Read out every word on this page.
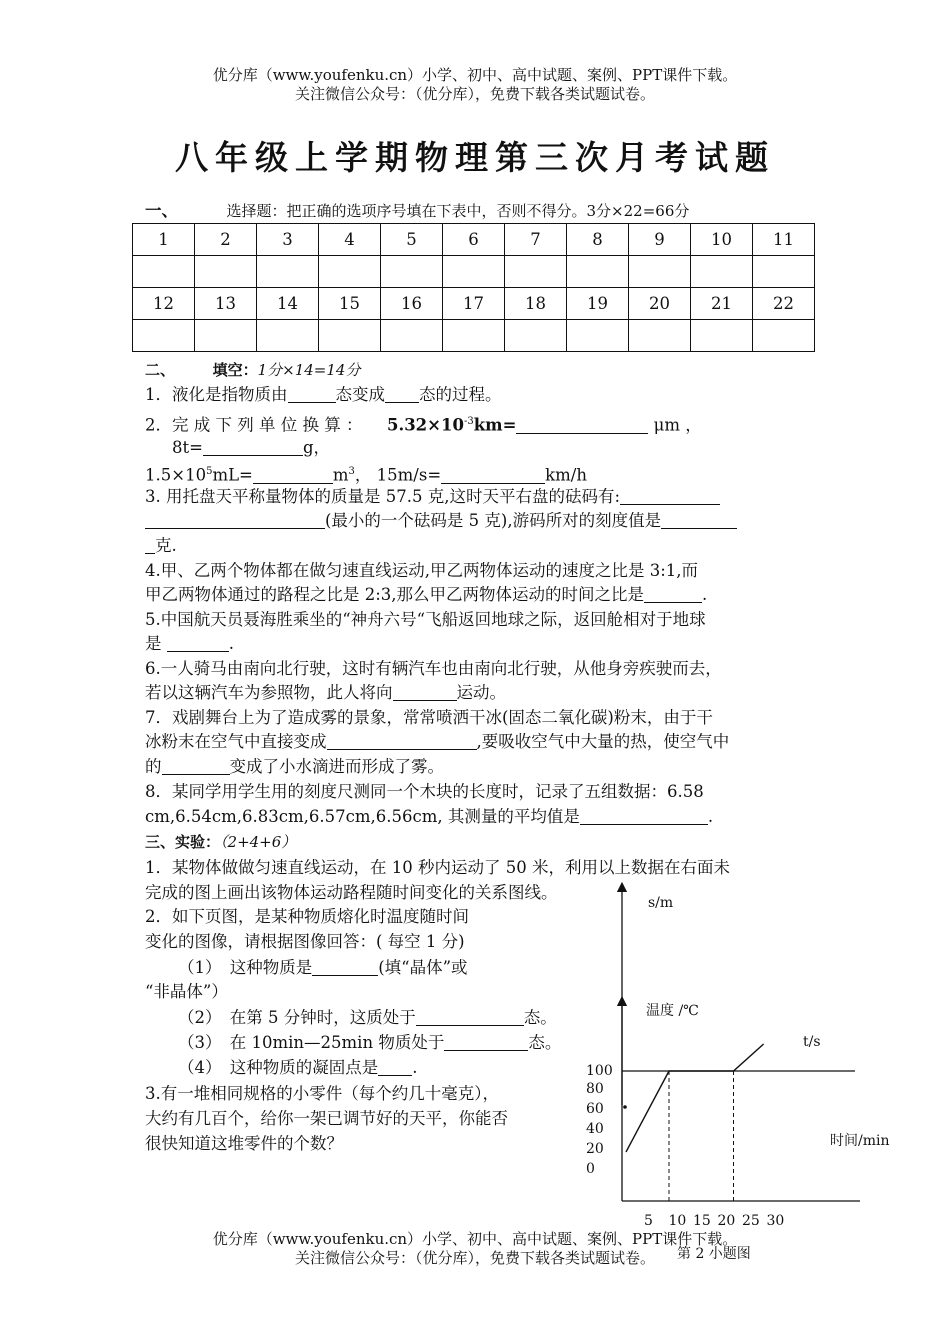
优分库（www.youfenku.cn）小学、初中、高中试题、案例、PPT课件下载。
关注微信公众号：（优分库），免费下载各类试题试卷。
八年级上学期物理第三次月考试题
一、	选择题：把正确的选项序号填在下表中，否则不得分。3分×22=66分
1	2	3	4	5	6	7	8	9	10	11

12	13	14	15	16	17	18	19	20	21	22

二、	填空：1分×14=14分
1．液化是指物质由	态变成 态的过程。
2．完 成 下 列 单 位 换 算 ： $5.32\times 10^{-3}km=$	μm ，
8t=	g，
$1.5\times 10^5mL=$	$m^3$， 15m/s=	km/h
3. 用托盘天平称量物体的质量是 57.5 克,这时天平右盘的砝码有:
(最小的一个砝码是 5 克),游码所对的刻度值是
克.
4.甲、乙两个物体都在做匀速直线运动,甲乙两物体运动的速度之比是 3:1,而
甲乙两物体通过的路程之比是 2:3,那么甲乙两物体运动的时间之比是	.
5.中国航天员聂海胜乘坐的“神舟六号“飞船返回地球之际，返回舱相对于地球
是	.
6.一人骑马由南向北行驶，这时有辆汽车也由南向北行驶，从他身旁疾驶而去，
若以这辆汽车为参照物，此人将向	运动。
7．戏剧舞台上为了造成雾的景象，常常喷洒干冰(固态二氧化碳)粉末，由于干
冰粉末在空气中直接变成	,要吸收空气中大量的热，使空气中
的	变成了小水滴进而形成了雾。
8．某同学用学生用的刻度尺测同一个木块的长度时，记录了五组数据：6.58
cm,6.54cm,6.83cm,6.57cm,6.56cm, 其测量的平均值是	.
三、实验：（2+4+6）
1．某物体做做匀速直线运动，在 10 秒内运动了 50 米，利用以上数据在右面未
完成的图上画出该物体运动路程随时间变化的关系图线。
2．如下页图，是某种物质熔化时温度随时间
变化的图像，请根据图像回答：( 每空 1 分)
（1）　这种物质是	(填“晶体”或
“非晶体”）
（2）　在第 5 分钟时，这质处于	态。
（3）　在 10min—25min 物质处于	态。
（4）　这种物质的凝固点是 .
3.有一堆相同规格的小零件（每个约几十毫克），
大约有几百个，给你一架已调节好的天平，你能否
很快知道这堆零件的个数？
s/m
t/s
温度 /℃
时间/min
100
80
60
40
20
0
5 10 15 20 25 30
第 2 小题图
优分库（www.youfenku.cn）小学、初中、高中试题、案例、PPT课件下载。
关注微信公众号：（优分库），免费下载各类试题试卷。
